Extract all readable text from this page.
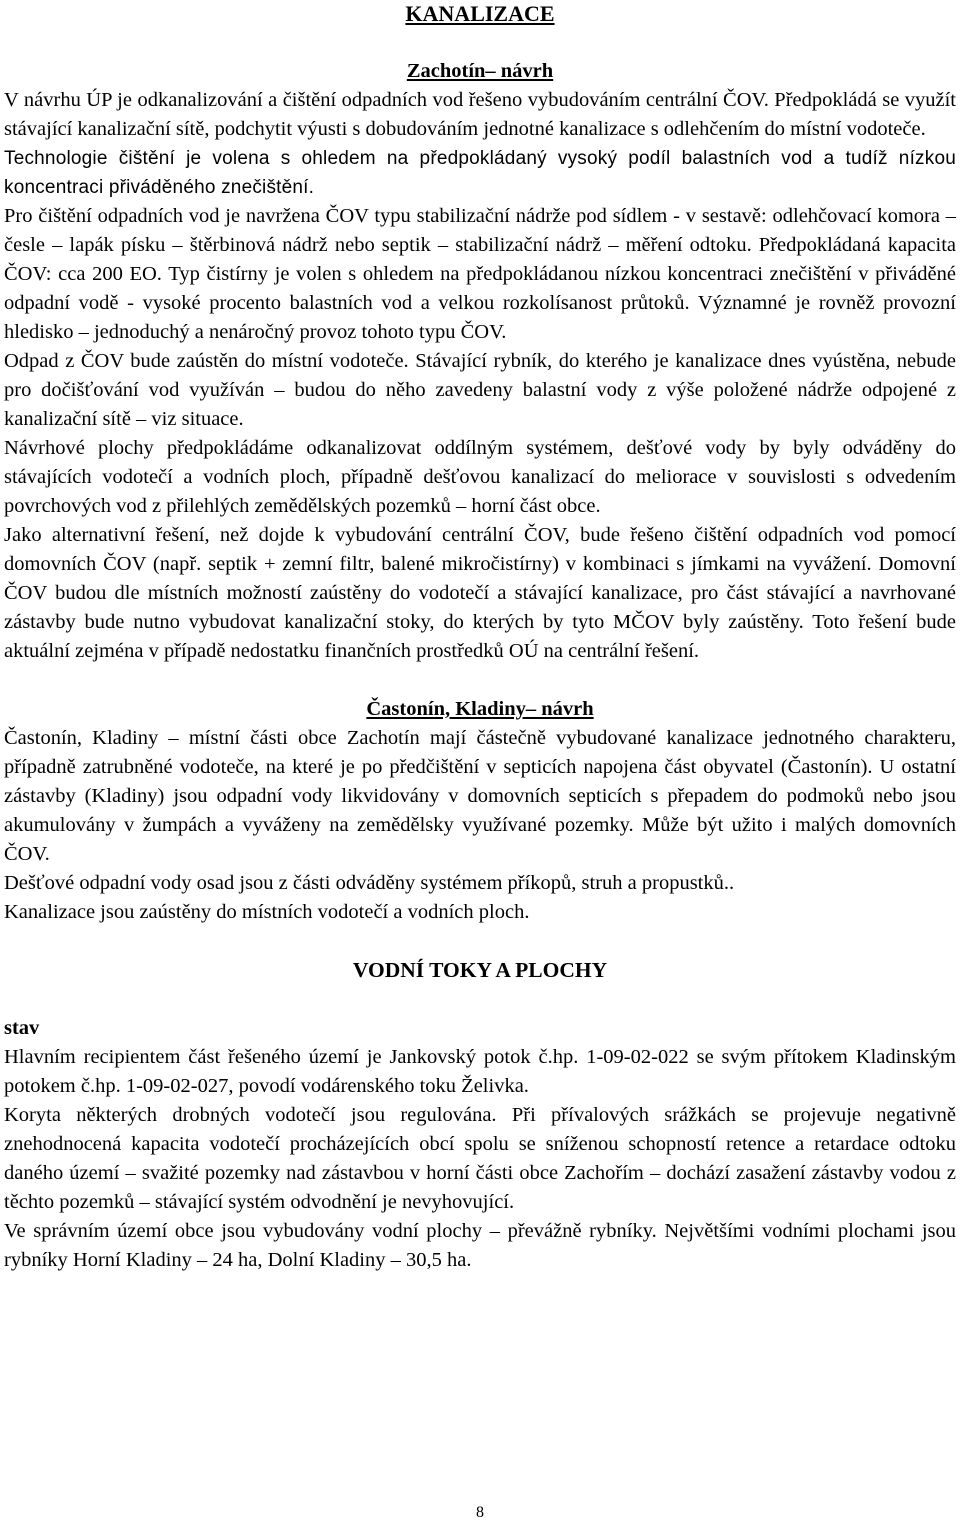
KANALIZACE
Zachotín– návrh

V návrhu ÚP je odkanalizování a čištění odpadních vod řešeno vybudováním centrální ČOV. Předpokládá se využít stávající kanalizační sítě, podchytit výusti s dobudováním jednotné kanalizace s odlehčením do místní vodoteče.

Technologie čištění je volena s ohledem na předpokládaný vysoký podíl balastních vod a tudíž nízkou koncentraci přiváděného znečištění.

Pro čištění odpadních vod je navržena ČOV typu stabilizační nádrže pod sídlem - v sestavě: odlehčovací komora – česle – lapák písku – štěrbinová nádrž nebo septik – stabilizační nádrž – měření odtoku. Předpokládaná kapacita ČOV: cca 200 EO. Typ čistírny je volen s ohledem na předpokládanou nízkou koncentraci znečištění v přiváděné odpadní vodě - vysoké procento balastních vod a velkou rozkolísanost průtoků. Významné je rovněž provozní hledisko – jednoduchý a nenáročný provoz tohoto typu ČOV.

Odpad z ČOV bude zaústěn do místní vodoteče. Stávající rybník, do kterého je kanalizace dnes vyústěna, nebude pro dočišťování vod využíván – budou do něho zavedeny balastní vody z výše položené nádrže odpojené z kanalizační sítě – viz situace.

Návrhové plochy předpokládáme odkanalizovat oddílným systémem, dešťové vody by byly odváděny do stávajících vodotečí a vodních ploch, případně dešťovou kanalizací do meliorace v souvislosti s odvedením povrchových vod z přilehlých zemědělských pozemků – horní část obce.

Jako alternativní řešení, než dojde k vybudování centrální ČOV, bude řešeno čištění odpadních vod pomocí domovních ČOV (např. septik + zemní filtr, balené mikročistírny) v kombinaci s jímkami na vyvážení. Domovní ČOV budou dle místních možností zaústěny do vodotečí a stávající kanalizace, pro část stávající a navrhované zástavby bude nutno vybudovat kanalizační stoky, do kterých by tyto MČOV byly zaústěny. Toto řešení bude aktuální zejména v případě nedostatku finančních prostředků OÚ na centrální řešení.

Častonín, Kladiny– návrh

Častonín, Kladiny – místní části obce Zachotín mají částečně vybudované kanalizace jednotného charakteru, případně zatrubněné vodoteče, na které je po předčištění v septicích napojena část obyvatel (Častonín). U ostatní zástavby (Kladiny) jsou odpadní vody likvidovány v domovních septicích s přepadem do podmoků nebo jsou akumulovány v žumpách a vyváženy na zemědělsky využívané pozemky. Může být užito i malých domovních ČOV.

Dešťové odpadní vody osad jsou z části odváděny systémem příkopů, struh a propustků..

Kanalizace jsou zaústěny do místních vodotečí a vodních ploch.

VODNÍ TOKY A PLOCHY
stav

Hlavním recipientem část řešeného území je Jankovský potok č.hp. 1-09-02-022 se svým přítokem Kladinským potokem č.hp. 1-09-02-027, povodí vodárenského toku Želivka.

Koryta některých drobných vodotečí jsou regulována. Při přívalových srážkách se projevuje negativně znehodnocená kapacita vodotečí procházejících obcí spolu se sníženou schopností retence a retardace odtoku daného území – svažité pozemky nad zástavbou v horní části obce Zachořím – dochází zasažení zástavby vodou z těchto pozemků – stávající systém odvodnění je nevyhovující.

Ve správním území obce jsou vybudovány vodní plochy – převážně rybníky. Největšími vodními plochami jsou rybníky Horní Kladiny – 24 ha, Dolní Kladiny – 30,5 ha.

8
